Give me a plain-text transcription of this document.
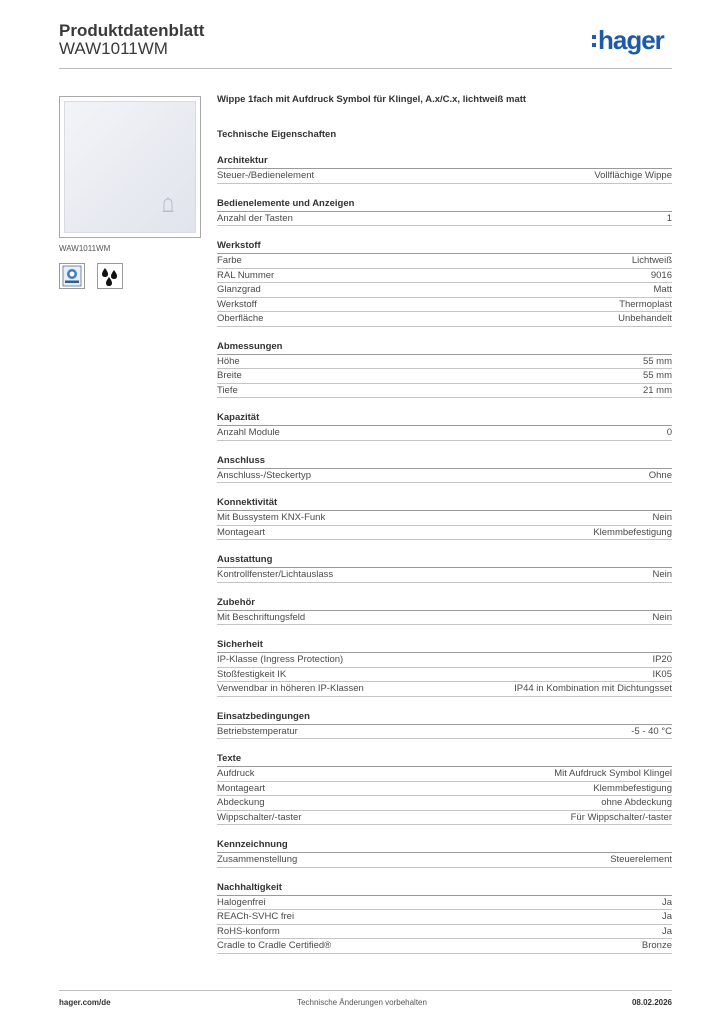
Produktdatenblatt
WAW1011WM	hager
WAW1011WM
Wippe 1fach mit Aufdruck Symbol für Klingel, A.x/C.x, lichtweiß matt
Technische Eigenschaften
Architektur
Steuer-/Bedienelement	Vollflächige Wippe
Bedienelemente und Anzeigen
Anzahl der Tasten	1
Werkstoff
Farbe	Lichtweiß
RAL Nummer	9016
Glanzgrad	Matt
Werkstoff	Thermoplast
Oberfläche	Unbehandelt
Abmessungen
Höhe	55 mm
Breite	55 mm
Tiefe	21 mm
Kapazität
Anzahl Module	0
Anschluss
Anschluss-/Steckertyp	Ohne
Konnektivität
Mit Bussystem KNX-Funk	Nein
Montageart	Klemmbefestigung
Ausstattung
Kontrollfenster/Lichtauslass	Nein
Zubehör
Mit Beschriftungsfeld	Nein
Sicherheit
IP-Klasse (Ingress Protection)	IP20
Stoßfestigkeit IK	IK05
Verwendbar in höheren IP-Klassen	IP44 in Kombination mit Dichtungsset
Einsatzbedingungen
Betriebstemperatur	-5 - 40 °C
Texte
Aufdruck	Mit Aufdruck Symbol Klingel
Montageart	Klemmbefestigung
Abdeckung	ohne Abdeckung
Wippschalter/-taster	Für Wippschalter/-taster
Kennzeichnung
Zusammenstellung	Steuerelement
Nachhaltigkeit
Halogenfrei	Ja
REACh-SVHC frei	Ja
RoHS-konform	Ja
Cradle to Cradle Certified®	Bronze
hager.com/de	Technische Änderungen vorbehalten	08.02.2026
